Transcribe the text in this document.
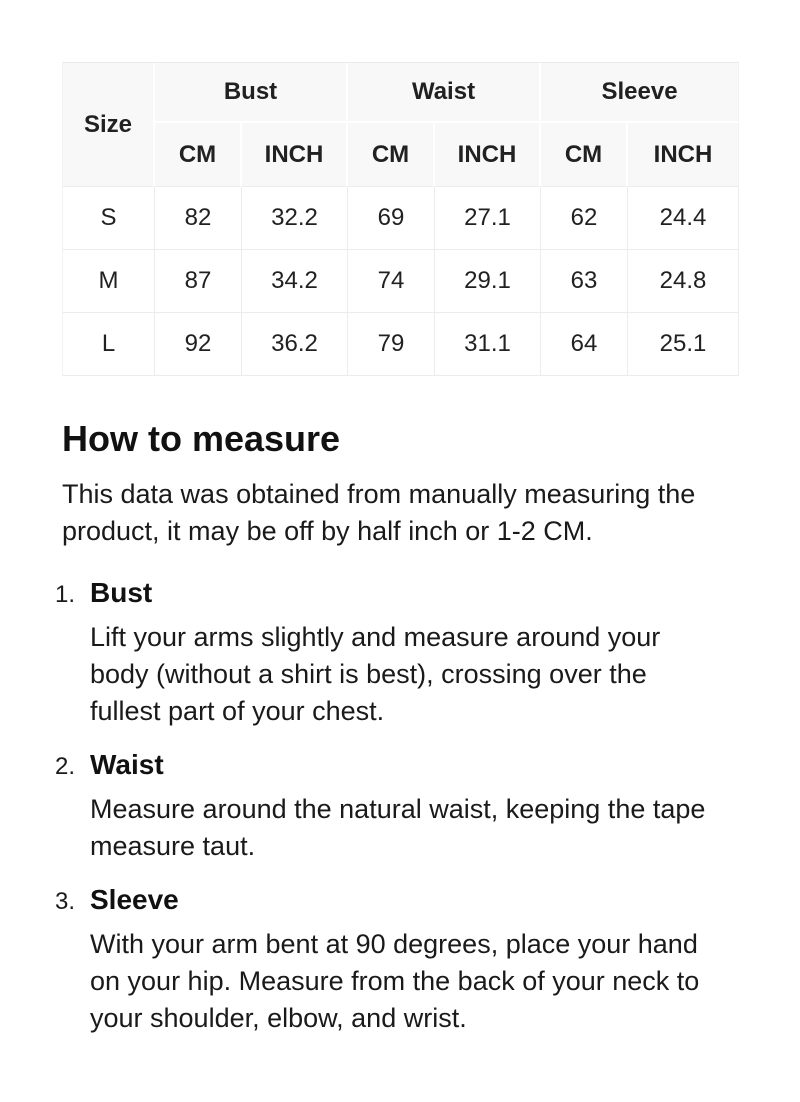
Size	Bust		Waist		Sleeve	
	CM	INCH	CM	INCH	CM	INCH
S	82	32.2	69	27.1	62	24.4
M	87	34.2	74	29.1	63	24.8
L	92	36.2	79	31.1	64	25.1
How to measure

This data was obtained from manually measuring the product, it may be off by half inch or 1-2 CM.

1. Bust

Lift your arms slightly and measure around your body (without a shirt is best), crossing over the fullest part of your chest.

2. Waist

Measure around the natural waist, keeping the tape measure taut.

3. Sleeve

With your arm bent at 90 degrees, place your hand on your hip. Measure from the back of your neck to your shoulder, elbow, and wrist.
